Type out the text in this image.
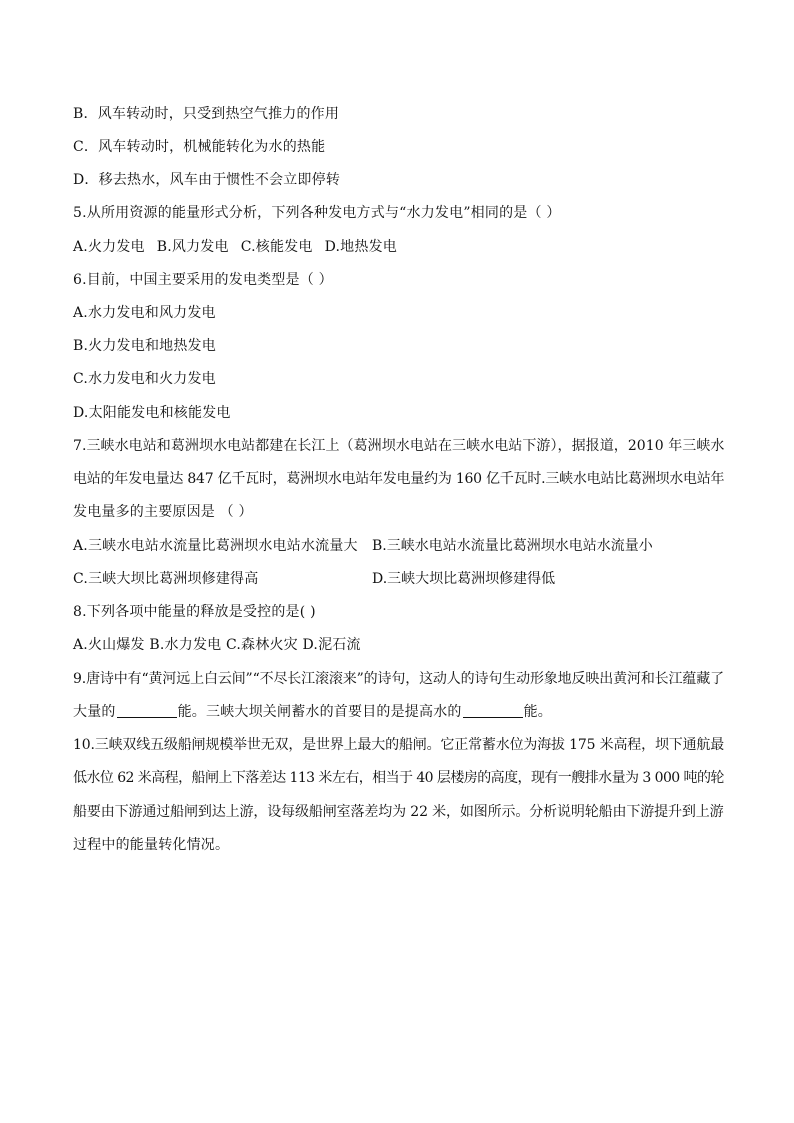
B．风车转动时，只受到热空气推力的作用
C．风车转动时，机械能转化为水的热能
D．移去热水，风车由于惯性不会立即停转
5.从所用资源的能量形式分析，下列各种发电方式与“水力发电”相同的是（ ）
A.火力发电 B.风力发电 C.核能发电 D.地热发电
6.目前，中国主要采用的发电类型是（ ）
A.水力发电和风力发电
B.火力发电和地热发电
C.水力发电和火力发电
D.太阳能发电和核能发电
7.三峡水电站和葛洲坝水电站都建在长江上（葛洲坝水电站在三峡水电站下游），据报道，2010 年三峡水
电站的年发电量达 847 亿千瓦时，葛洲坝水电站年发电量约为 160 亿千瓦时.三峡水电站比葛洲坝水电站年
发电量多的主要原因是 （ ）
A.三峡水电站水流量比葛洲坝水电站水流量大 B.三峡水电站水流量比葛洲坝水电站水流量小
C.三峡大坝比葛洲坝修建得高	D.三峡大坝比葛洲坝修建得低
8.下列各项中能量的释放是受控的是( )
A.火山爆发 B.水力发电 C.森林火灾 D.泥石流
9.唐诗中有“黄河远上白云间”“不尽长江滚滚来”的诗句，这动人的诗句生动形象地反映出黄河和长江蕴藏了
大量的	能。三峡大坝关闸蓄水的首要目的是提高水的	能。
10.三峡双线五级船闸规模举世无双，是世界上最大的船闸。它正常蓄水位为海拔 175 米高程，坝下通航最
低水位 62 米高程，船闸上下落差达 113 米左右，相当于 40 层楼房的高度，现有一艘排水量为 3 000 吨的轮
船要由下游通过船闸到达上游，设每级船闸室落差均为 22 米，如图所示。分析说明轮船由下游提升到上游
过程中的能量转化情况。
